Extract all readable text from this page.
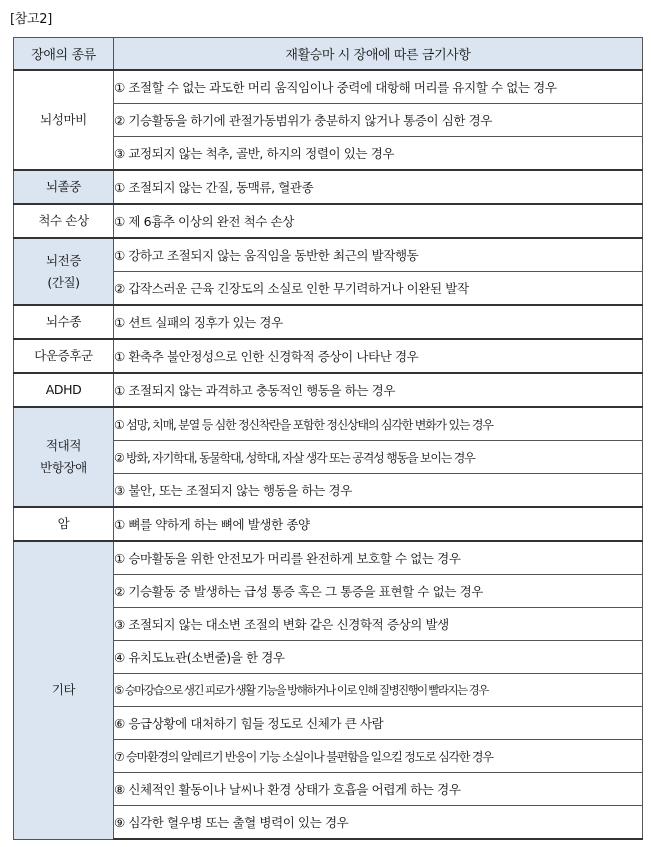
[참고2]
장애의 종류	재활승마 시 장애에 따른 금기사항
뇌성마비	① 조절할 수 없는 과도한 머리 움직임이나 중력에 대항해 머리를 유지할 수 없는 경우
	② 기승활동을 하기에 관절가동범위가 충분하지 않거나 통증이 심한 경우
	③ 교정되지 않는 척추, 골반, 하지의 정렬이 있는 경우
뇌졸중	① 조절되지 않는 간질, 동맥류, 혈관종
척수 손상	① 제 6흉추 이상의 완전 척수 손상
뇌전증
(간질)	① 강하고 조절되지 않는 움직임을 동반한 최근의 발작행동
	② 갑작스러운 근육 긴장도의 소실로 인한 무기력하거나 이완된 발작
뇌수종	① 션트 실패의 징후가 있는 경우
다운증후군	① 환축추 불안정성으로 인한 신경학적 증상이 나타난 경우
ADHD	① 조절되지 않는 과격하고 충동적인 행동을 하는 경우
적대적
반항장애	① 섬망, 치매, 분열 등 심한 정신착란을 포함한 정신상태의 심각한 변화가 있는 경우
	② 방화, 자기학대, 동물학대, 성학대, 자살 생각 또는 공격성 행동을 보이는 경우
	③ 불안, 또는 조절되지 않는 행동을 하는 경우
암	① 뼈를 약하게 하는 뼈에 발생한 종양
기타	① 승마활동을 위한 안전모가 머리를 완전하게 보호할 수 없는 경우
	② 기승활동 중 발생하는 급성 통증 혹은 그 통증을 표현할 수 없는 경우
	③ 조절되지 않는 대소변 조절의 변화 같은 신경학적 증상의 발생
	④ 유치도뇨관(소변줄)을 한 경우
	⑤ 승마강습으로 생긴 피로가 생활 기능을 방해하거나 이로 인해 질병진행이 빨라지는 경우
	⑥ 응급상황에 대처하기 힘들 정도로 신체가 큰 사람
	⑦ 승마환경의 알레르기 반응이 기능 소실이나 불편함을 일으킬 정도로 심각한 경우
	⑧ 신체적인 활동이나 날씨나 환경 상태가 호흡을 어렵게 하는 경우
	⑨ 심각한 혈우병 또는 출혈 병력이 있는 경우
